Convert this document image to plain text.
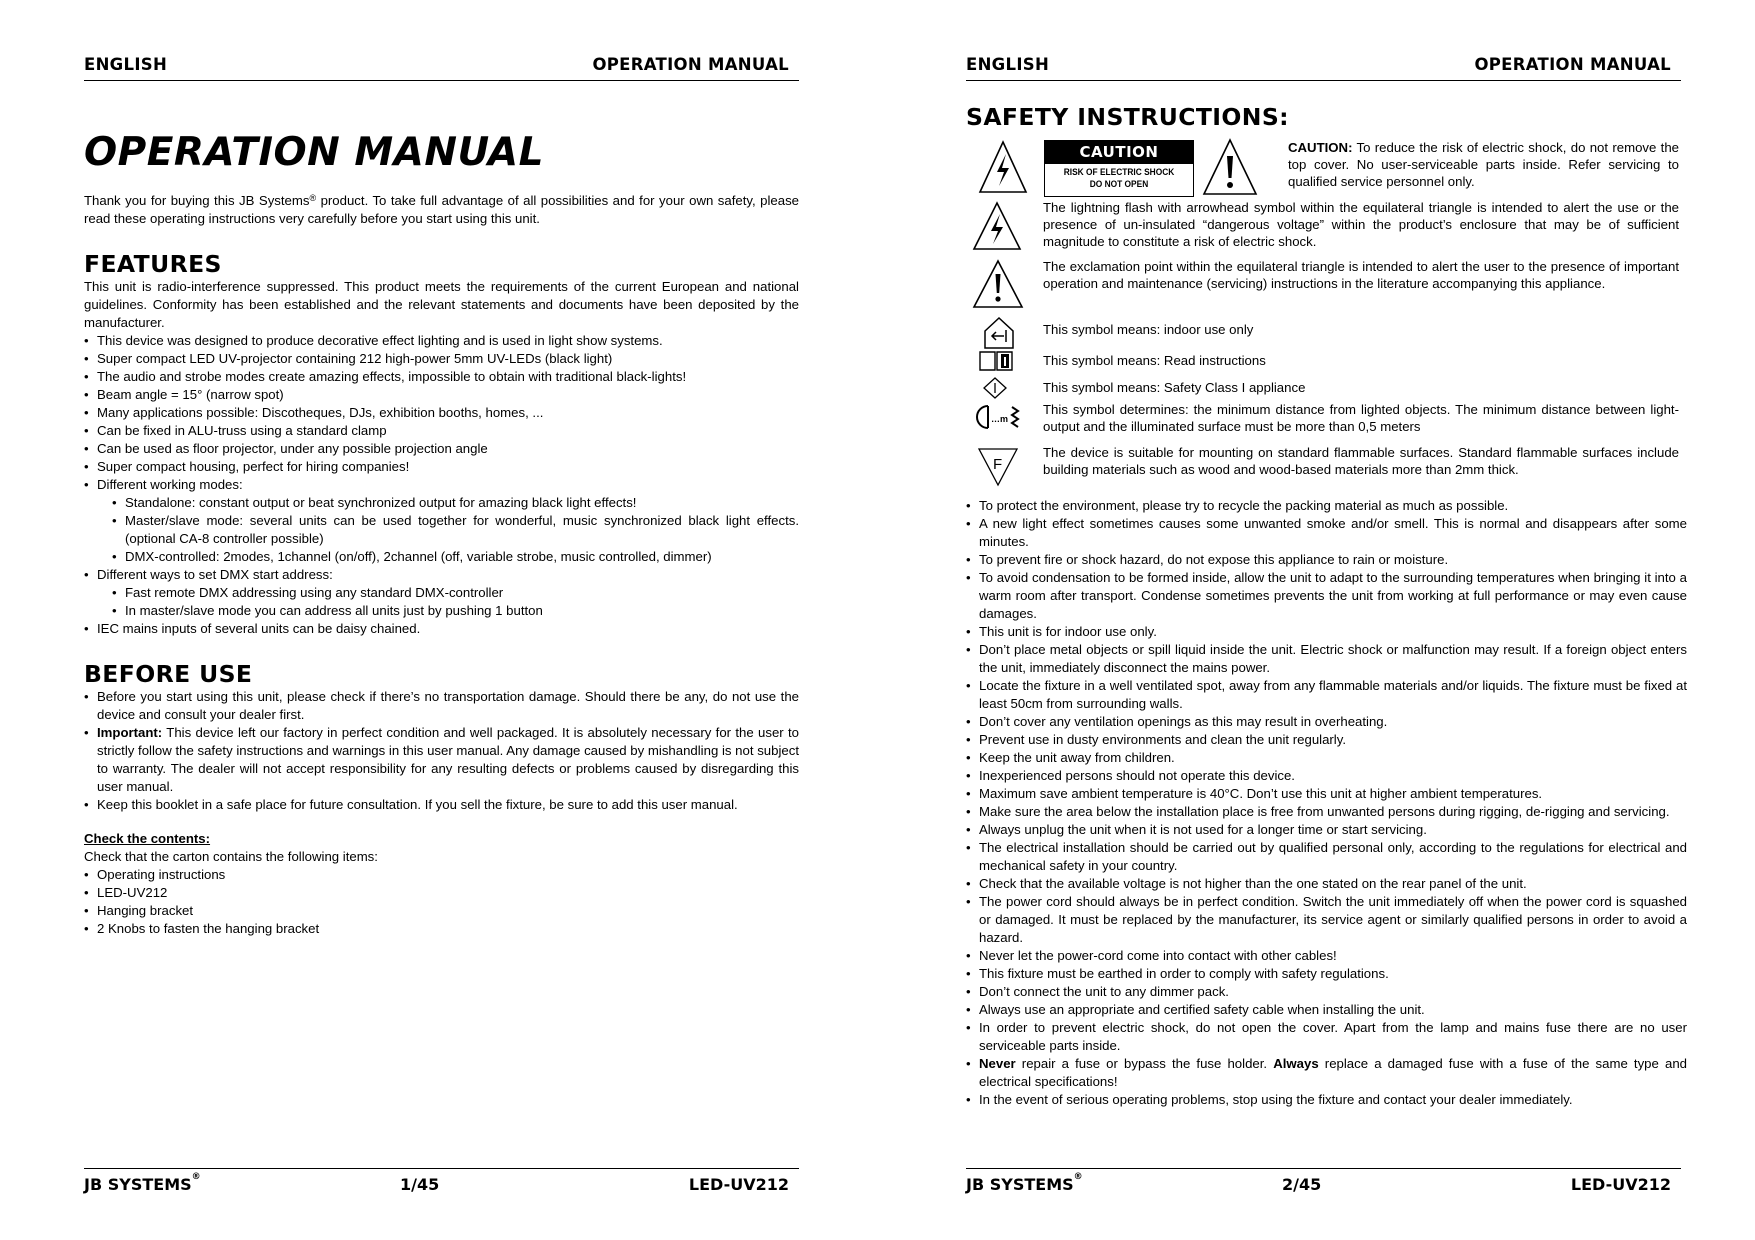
ENGLISH	OPERATION MANUAL
OPERATION MANUAL

Thank you for buying this JB Systems® product. To take full advantage of all possibilities and for your own safety, please read these operating instructions very carefully before you start using this unit.

FEATURES

This unit is radio-interference suppressed. This product meets the requirements of the current European and national guidelines. Conformity has been established and the relevant statements and documents have been deposited by the manufacturer.

• This device was designed to produce decorative effect lighting and is used in light show systems.
• Super compact LED UV-projector containing 212 high-power 5mm UV-LEDs (black light)
• The audio and strobe modes create amazing effects, impossible to obtain with traditional black-lights!
• Beam angle = 15° (narrow spot)
• Many applications possible: Discotheques, DJs, exhibition booths, homes, ...
• Can be fixed in ALU-truss using a standard clamp
• Can be used as floor projector, under any possible projection angle
• Super compact housing, perfect for hiring companies!
• Different working modes:
• Standalone: constant output or beat synchronized output for amazing black light effects!
• Master/slave mode: several units can be used together for wonderful, music synchronized black light effects. (optional CA-8 controller possible)
• DMX-controlled: 2modes, 1channel (on/off), 2channel (off, variable strobe, music controlled, dimmer)
• Different ways to set DMX start address:
• Fast remote DMX addressing using any standard DMX-controller
• In master/slave mode you can address all units just by pushing 1 button
• IEC mains inputs of several units can be daisy chained.
BEFORE USE
• Before you start using this unit, please check if there’s no transportation damage. Should there be any, do not use the device and consult your dealer first.
• Important: This device left our factory in perfect condition and well packaged. It is absolutely necessary for the user to strictly follow the safety instructions and warnings in this user manual. Any damage caused by mishandling is not subject to warranty. The dealer will not accept responsibility for any resulting defects or problems caused by disregarding this user manual.
• Keep this booklet in a safe place for future consultation. If you sell the fixture, be sure to add this user manual.

Check the contents:

Check that the carton contains the following items:

• Operating instructions
• LED-UV212
• Hanging bracket
• 2 Knobs to fasten the hanging bracket
JB SYSTEMS®	1/45	LED-UV212
ENGLISH	OPERATION MANUAL
SAFETY INSTRUCTIONS:
CAUTION
RISK OF ELECTRIC SHOCK
DO NOT OPEN

CAUTION: To reduce the risk of electric shock, do not remove the top cover. No user-serviceable parts inside. Refer servicing to qualified service personnel only.

The lightning flash with arrowhead symbol within the equilateral triangle is intended to alert the use or the presence of un-insulated “dangerous voltage” within the product’s enclosure that may be of sufficient magnitude to constitute a risk of electric shock.
The exclamation point within the equilateral triangle is intended to alert the user to the presence of important operation and maintenance (servicing) instructions in the literature accompanying this appliance.
This symbol means: indoor use only
This symbol means: Read instructions
This symbol means: Safety Class I appliance
…m
This symbol determines: the minimum distance from lighted objects. The minimum distance between light-output and the illuminated surface must be more than 0,5 meters
F
The device is suitable for mounting on standard flammable surfaces. Standard flammable surfaces include building materials such as wood and wood-based materials more than 2mm thick.
• To protect the environment, please try to recycle the packing material as much as possible.
• A new light effect sometimes causes some unwanted smoke and/or smell. This is normal and disappears after some minutes.
• To prevent fire or shock hazard, do not expose this appliance to rain or moisture.
• To avoid condensation to be formed inside, allow the unit to adapt to the surrounding temperatures when bringing it into a warm room after transport. Condense sometimes prevents the unit from working at full performance or may even cause damages.
• This unit is for indoor use only.
• Don’t place metal objects or spill liquid inside the unit. Electric shock or malfunction may result. If a foreign object enters the unit, immediately disconnect the mains power.
• Locate the fixture in a well ventilated spot, away from any flammable materials and/or liquids. The fixture must be fixed at least 50cm from surrounding walls.
• Don’t cover any ventilation openings as this may result in overheating.
• Prevent use in dusty environments and clean the unit regularly.
• Keep the unit away from children.
• Inexperienced persons should not operate this device.
• Maximum save ambient temperature is 40°C. Don’t use this unit at higher ambient temperatures.
• Make sure the area below the installation place is free from unwanted persons during rigging, de-rigging and servicing.
• Always unplug the unit when it is not used for a longer time or start servicing.
• The electrical installation should be carried out by qualified personal only, according to the regulations for electrical and mechanical safety in your country.
• Check that the available voltage is not higher than the one stated on the rear panel of the unit.
• The power cord should always be in perfect condition. Switch the unit immediately off when the power cord is squashed or damaged. It must be replaced by the manufacturer, its service agent or similarly qualified persons in order to avoid a hazard.
• Never let the power-cord come into contact with other cables!
• This fixture must be earthed in order to comply with safety regulations.
• Don’t connect the unit to any dimmer pack.
• Always use an appropriate and certified safety cable when installing the unit.
• In order to prevent electric shock, do not open the cover. Apart from the lamp and mains fuse there are no user serviceable parts inside.
• Never repair a fuse or bypass the fuse holder. Always replace a damaged fuse with a fuse of the same type and electrical specifications!
• In the event of serious operating problems, stop using the fixture and contact your dealer immediately.
JB SYSTEMS®	2/45	LED-UV212
